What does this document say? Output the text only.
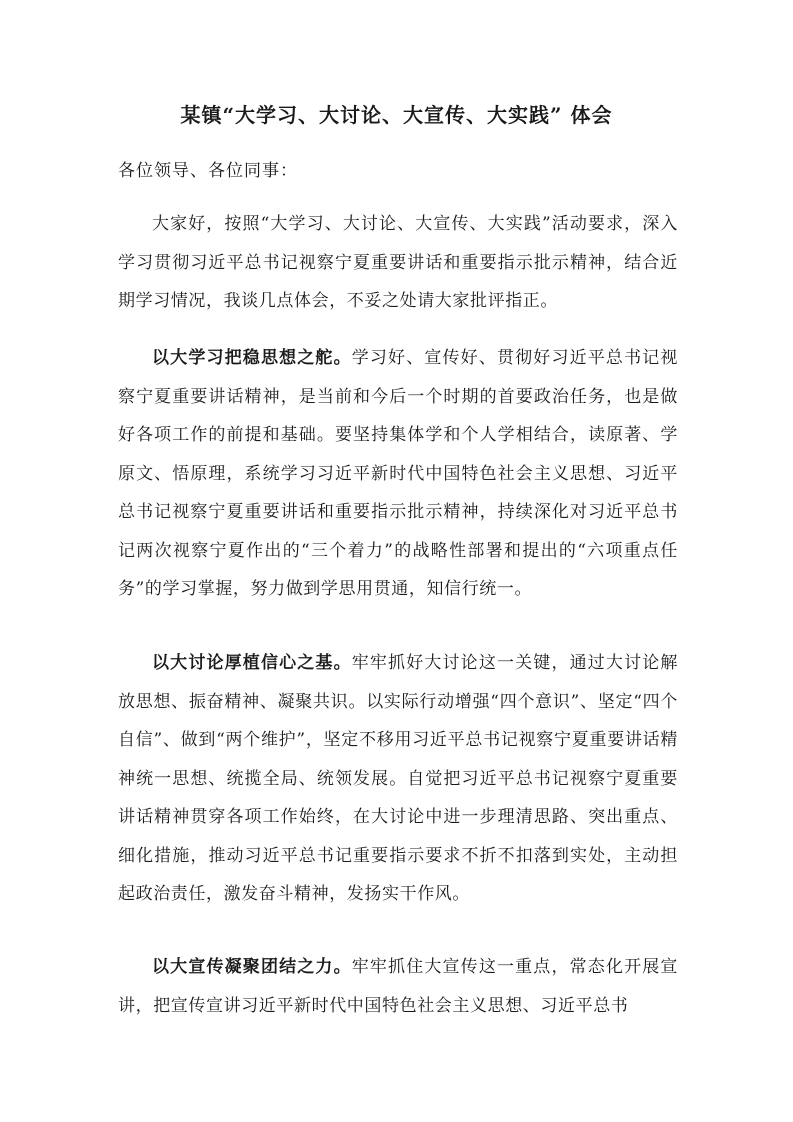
某镇“大学习、大讨论、大宣传、大实践” 体会
各位领导、各位同事：

大家好，按照“大学习、大讨论、大宣传、大实践”活动要求，深入学习贯彻习近平总书记视察宁夏重要讲话和重要指示批示精神，结合近期学习情况，我谈几点体会，不妥之处请大家批评指正。

以大学习把稳思想之舵。学习好、宣传好、贯彻好习近平总书记视察宁夏重要讲话精神，是当前和今后一个时期的首要政治任务，也是做好各项工作的前提和基础。要坚持集体学和个人学相结合，读原著、学原文、悟原理，系统学习习近平新时代中国特色社会主义思想、习近平总书记视察宁夏重要讲话和重要指示批示精神，持续深化对习近平总书记两次视察宁夏作出的“三个着力”的战略性部署和提出的“六项重点任务”的学习掌握，努力做到学思用贯通，知信行统一。

以大讨论厚植信心之基。牢牢抓好大讨论这一关键，通过大讨论解放思想、振奋精神、凝聚共识。以实际行动增强“四个意识”、坚定“四个自信”、做到“两个维护”，坚定不移用习近平总书记视察宁夏重要讲话精神统一思想、统揽全局、统领发展。自觉把习近平总书记视察宁夏重要讲话精神贯穿各项工作始终，在大讨论中进一步理清思路、突出重点、细化措施，推动习近平总书记重要指示要求不折不扣落到实处，主动担起政治责任，激发奋斗精神，发扬实干作风。

以大宣传凝聚团结之力。牢牢抓住大宣传这一重点，常态化开展宣讲，把宣传宣讲习近平新时代中国特色社会主义思想、习近平总书
